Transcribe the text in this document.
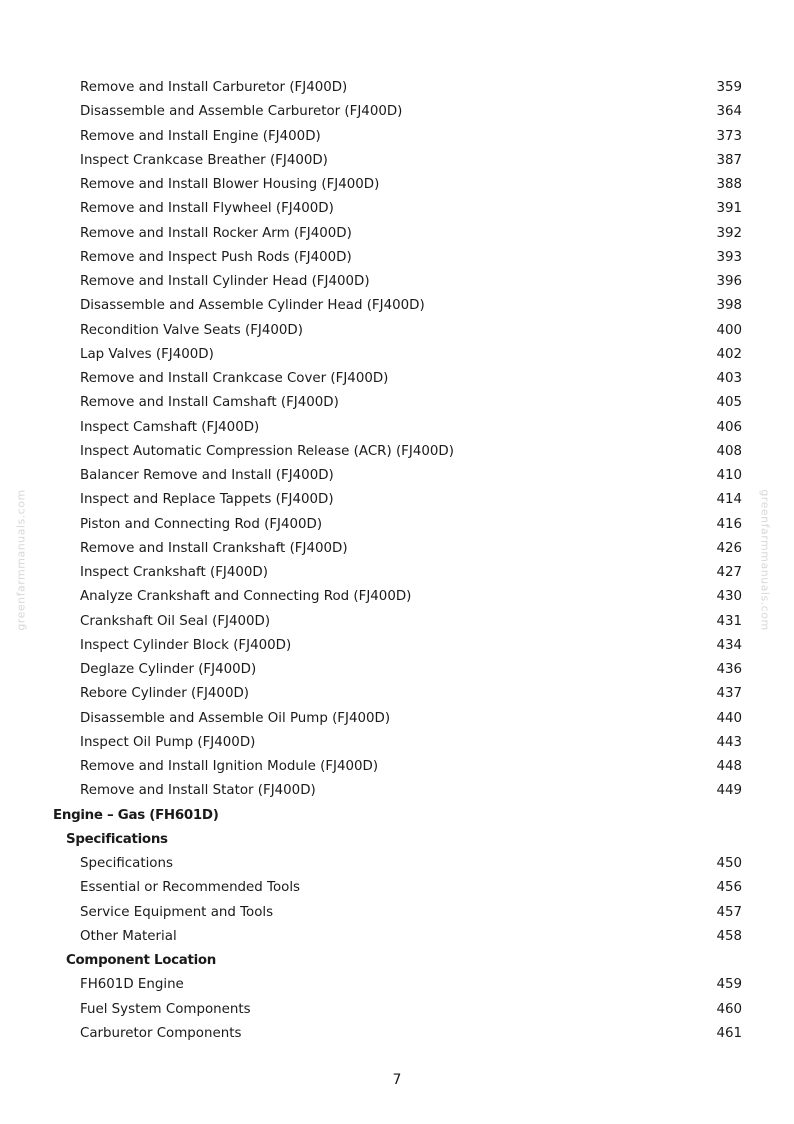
greenfarmmanuals.com	greenfarmmanuals.com
Remove and Install Carburetor (FJ400D)	359
Disassemble and Assemble Carburetor (FJ400D)	364
Remove and Install Engine (FJ400D)	373
Inspect Crankcase Breather (FJ400D)	387
Remove and Install Blower Housing (FJ400D)	388
Remove and Install Flywheel (FJ400D)	391
Remove and Install Rocker Arm (FJ400D)	392
Remove and Inspect Push Rods (FJ400D)	393
Remove and Install Cylinder Head (FJ400D)	396
Disassemble and Assemble Cylinder Head (FJ400D)	398
Recondition Valve Seats (FJ400D)	400
Lap Valves (FJ400D)	402
Remove and Install Crankcase Cover (FJ400D)	403
Remove and Install Camshaft (FJ400D)	405
Inspect Camshaft (FJ400D)	406
Inspect Automatic Compression Release (ACR) (FJ400D)	408
Balancer Remove and Install (FJ400D)	410
Inspect and Replace Tappets (FJ400D)	414
Piston and Connecting Rod (FJ400D)	416
Remove and Install Crankshaft (FJ400D)	426
Inspect Crankshaft (FJ400D)	427
Analyze Crankshaft and Connecting Rod (FJ400D)	430
Crankshaft Oil Seal (FJ400D)	431
Inspect Cylinder Block (FJ400D)	434
Deglaze Cylinder (FJ400D)	436
Rebore Cylinder (FJ400D)	437
Disassemble and Assemble Oil Pump (FJ400D)	440
Inspect Oil Pump (FJ400D)	443
Remove and Install Ignition Module (FJ400D)	448
Remove and Install Stator (FJ400D)	449
Engine – Gas (FH601D)
Specifications
Specifications	450
Essential or Recommended Tools	456
Service Equipment and Tools	457
Other Material	458
Component Location
FH601D Engine	459
Fuel System Components	460
Carburetor Components	461
7
